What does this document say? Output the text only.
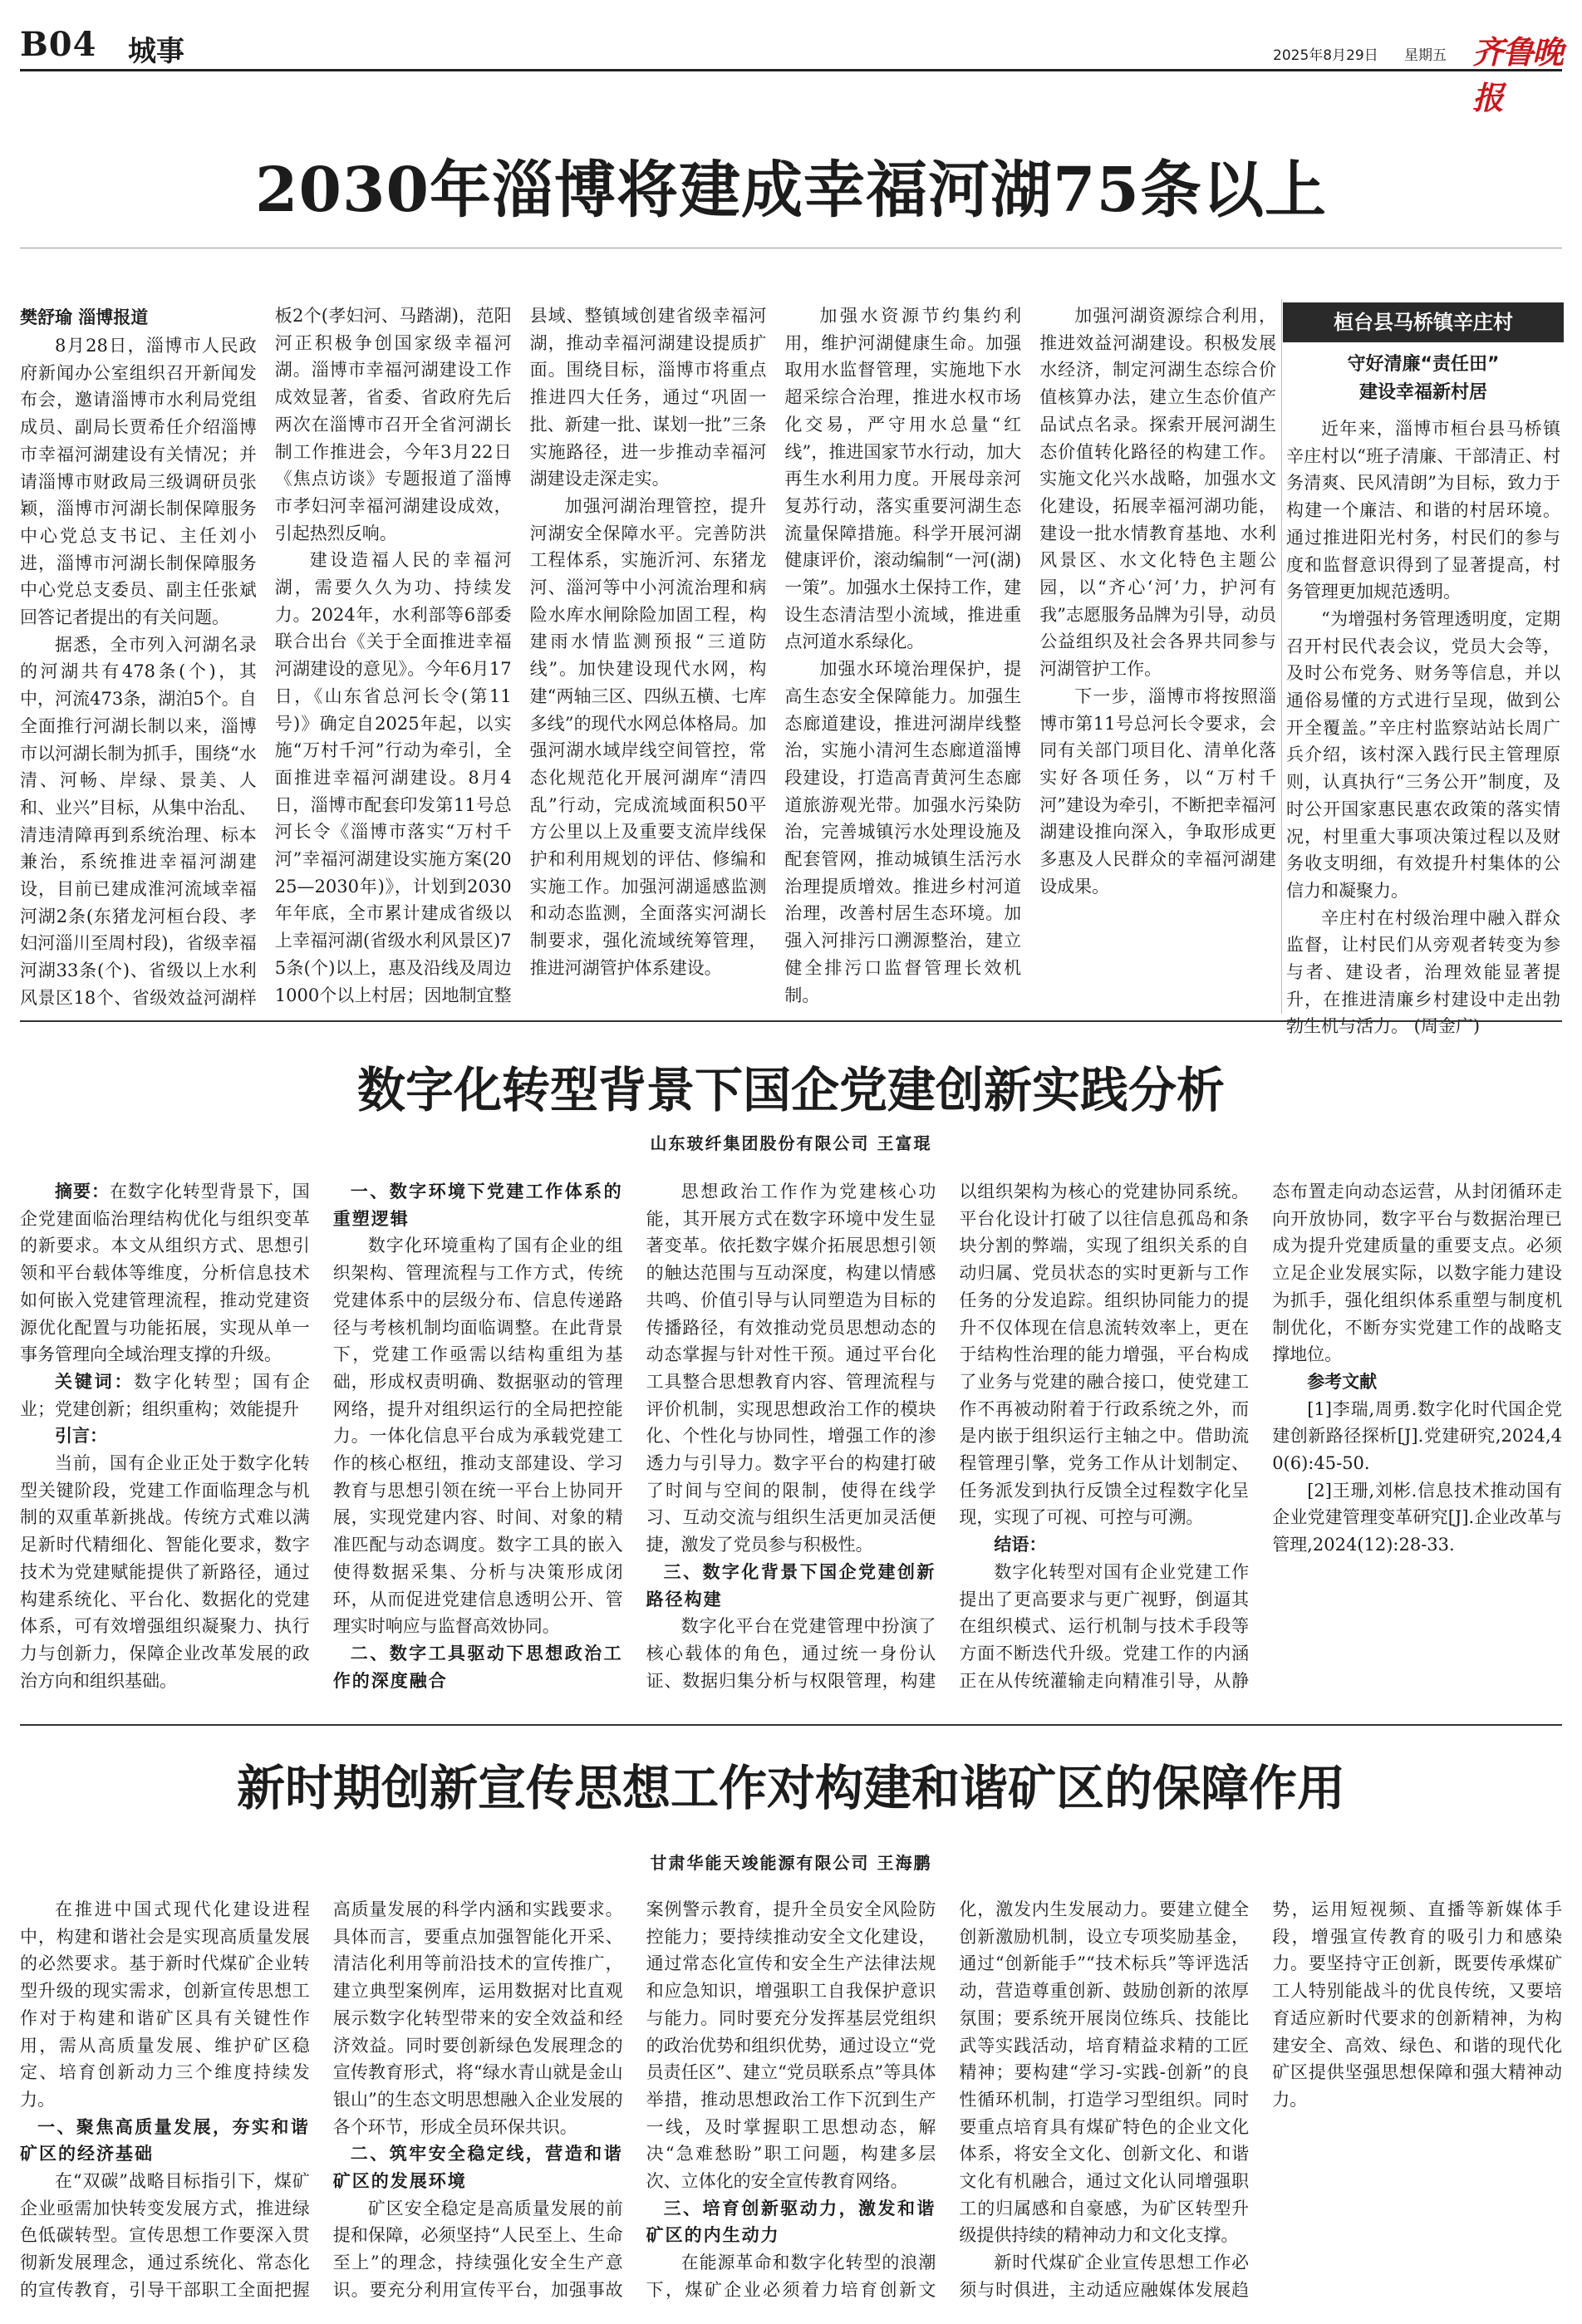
B04 城事	2025年8月29日 星期五 齐鲁晚报
2030年淄博将建成幸福河湖75条以上
樊舒瑜 淄博报道

8月28日，淄博市人民政府新闻办公室组织召开新闻发布会，邀请淄博市水利局党组成员、副局长贾希任介绍淄博市幸福河湖建设有关情况；并请淄博市财政局三级调研员张颖，淄博市河湖长制保障服务中心党总支书记、主任刘小进，淄博市河湖长制保障服务中心党总支委员、副主任张斌回答记者提出的有关问题。

据悉，全市列入河湖名录的河湖共有478条(个)，其中，河流473条，湖泊5个。自全面推行河湖长制以来，淄博市以河湖长制为抓手，围绕“水清、河畅、岸绿、景美、人和、业兴”目标，从集中治乱、清违清障再到系统治理、标本兼治，系统推进幸福河湖建设，目前已建成淮河流域幸福河湖2条(东猪龙河桓台段、孝妇河淄川至周村段)，省级幸福河湖33条(个)、省级以上水利风景区18个、省级效益河湖样板2个(孝妇河、马踏湖)，范阳河正积极争创国家级幸福河湖。淄博市幸福河湖建设工作成效显著，省委、省政府先后两次在淄博市召开全省河湖长制工作推进会，今年3月22日《焦点访谈》专题报道了淄博市孝妇河幸福河湖建设成效，引起热烈反响。

建设造福人民的幸福河湖，需要久久为功、持续发力。2024年，水利部等6部委联合出台《关于全面推进幸福河湖建设的意见》。今年6月17日，《山东省总河长令(第11号)》确定自2025年起，以实施“万村千河”行动为牵引，全面推进幸福河湖建设。8月4日，淄博市配套印发第11号总河长令《淄博市落实“万村千河”幸福河湖建设实施方案(2025—2030年)》，计划到2030年年底，全市累计建成省级以上幸福河湖(省级水利风景区)75条(个)以上，惠及沿线及周边1000个以上村居；因地制宜整县域、整镇域创建省级幸福河湖，推动幸福河湖建设提质扩面。围绕目标，淄博市将重点推进四大任务，通过“巩固一批、新建一批、谋划一批”三条实施路径，进一步推动幸福河湖建设走深走实。

加强河湖治理管控，提升河湖安全保障水平。完善防洪工程体系，实施沂河、东猪龙河、淄河等中小河流治理和病险水库水闸除险加固工程，构建雨水情监测预报“三道防线”。加快建设现代水网，构建“两轴三区、四纵五横、七库多线”的现代水网总体格局。加强河湖水域岸线空间管控，常态化规范化开展河湖库“清四乱”行动，完成流域面积50平方公里以上及重要支流岸线保护和利用规划的评估、修编和实施工作。加强河湖遥感监测和动态监测，全面落实河湖长制要求，强化流域统筹管理，推进河湖管护体系建设。

加强水资源节约集约利用，维护河湖健康生命。加强取用水监督管理，实施地下水超采综合治理，推进水权市场化交易，严守用水总量“红线”，推进国家节水行动，加大再生水利用力度。开展母亲河复苏行动，落实重要河湖生态流量保障措施。科学开展河湖健康评价，滚动编制“一河(湖)一策”。加强水土保持工作，建设生态清洁型小流域，推进重点河道水系绿化。

加强水环境治理保护，提高生态安全保障能力。加强生态廊道建设，推进河湖岸线整治，实施小清河生态廊道淄博段建设，打造高青黄河生态廊道旅游观光带。加强水污染防治，完善城镇污水处理设施及配套管网，推动城镇生活污水治理提质增效。推进乡村河道治理，改善村居生态环境。加强入河排污口溯源整治，建立健全排污口监督管理长效机制。

加强河湖资源综合利用，推进效益河湖建设。积极发展水经济，制定河湖生态综合价值核算办法，建立生态价值产品试点名录。探索开展河湖生态价值转化路径的构建工作。实施文化兴水战略，加强水文化建设，拓展幸福河湖功能，建设一批水情教育基地、水利风景区、水文化特色主题公园，以“齐心‘河’力，护河有我”志愿服务品牌为引导，动员公益组织及社会各界共同参与河湖管护工作。

下一步，淄博市将按照淄博市第11号总河长令要求，会同有关部门项目化、清单化落实好各项任务，以“万村千河”建设为牵引，不断把幸福河湖建设推向深入，争取形成更多惠及人民群众的幸福河湖建设成果。

桓台县马桥镇辛庄村
守好清廉“责任田”
建设幸福新村居

近年来，淄博市桓台县马桥镇辛庄村以“班子清廉、干部清正、村务清爽、民风清朗”为目标，致力于构建一个廉洁、和谐的村居环境。通过推进阳光村务，村民们的参与度和监督意识得到了显著提高，村务管理更加规范透明。

“为增强村务管理透明度，定期召开村民代表会议，党员大会等，及时公布党务、财务等信息，并以通俗易懂的方式进行呈现，做到公开全覆盖。”辛庄村监察站站长周广兵介绍，该村深入践行民主管理原则，认真执行“三务公开”制度，及时公开国家惠民惠农政策的落实情况，村里重大事项决策过程以及财务收支明细，有效提升村集体的公信力和凝聚力。

辛庄村在村级治理中融入群众监督，让村民们从旁观者转变为参与者、建设者，治理效能显著提升，在推进清廉乡村建设中走出勃勃生机与活力。 (周金广)

数字化转型背景下国企党建创新实践分析
山东玻纤集团股份有限公司 王富琨

摘要：在数字化转型背景下，国企党建面临治理结构优化与组织变革的新要求。本文从组织方式、思想引领和平台载体等维度，分析信息技术如何嵌入党建管理流程，推动党建资源优化配置与功能拓展，实现从单一事务管理向全域治理支撑的升级。

关键词：数字化转型；国有企业；党建创新；组织重构；效能提升

引言：

当前，国有企业正处于数字化转型关键阶段，党建工作面临理念与机制的双重革新挑战。传统方式难以满足新时代精细化、智能化要求，数字技术为党建赋能提供了新路径，通过构建系统化、平台化、数据化的党建体系，可有效增强组织凝聚力、执行力与创新力，保障企业改革发展的政治方向和组织基础。

一、数字环境下党建工作体系的重塑逻辑

数字化环境重构了国有企业的组织架构、管理流程与工作方式，传统党建体系中的层级分布、信息传递路径与考核机制均面临调整。在此背景下，党建工作亟需以结构重组为基础，形成权责明确、数据驱动的管理网络，提升对组织运行的全局把控能力。一体化信息平台成为承载党建工作的核心枢纽，推动支部建设、学习教育与思想引领在统一平台上协同开展，实现党建内容、时间、对象的精准匹配与动态调度。数字工具的嵌入使得数据采集、分析与决策形成闭环，从而促进党建信息透明公开、管理实时响应与监督高效协同。

二、数字工具驱动下思想政治工作的深度融合

思想政治工作作为党建核心功能，其开展方式在数字环境中发生显著变革。依托数字媒介拓展思想引领的触达范围与互动深度，构建以情感共鸣、价值引导与认同塑造为目标的传播路径，有效推动党员思想动态的动态掌握与针对性干预。通过平台化工具整合思想教育内容、管理流程与评价机制，实现思想政治工作的模块化、个性化与协同性，增强工作的渗透力与引导力。数字平台的构建打破了时间与空间的限制，使得在线学习、互动交流与组织生活更加灵活便捷，激发了党员参与积极性。

三、数字化背景下国企党建创新路径构建

数字化平台在党建管理中扮演了核心载体的角色，通过统一身份认证、数据归集分析与权限管理，构建以组织架构为核心的党建协同系统。平台化设计打破了以往信息孤岛和条块分割的弊端，实现了组织关系的自动归属、党员状态的实时更新与工作任务的分发追踪。组织协同能力的提升不仅体现在信息流转效率上，更在于结构性治理的能力增强，平台构成了业务与党建的融合接口，使党建工作不再被动附着于行政系统之外，而是内嵌于组织运行主轴之中。借助流程管理引擎，党务工作从计划制定、任务派发到执行反馈全过程数字化呈现，实现了可视、可控与可溯。

结语：

数字化转型对国有企业党建工作提出了更高要求与更广视野，倒逼其在组织模式、运行机制与技术手段等方面不断迭代升级。党建工作的内涵正在从传统灌输走向精准引导，从静态布置走向动态运营，从封闭循环走向开放协同，数字平台与数据治理已成为提升党建质量的重要支点。必须立足企业发展实际，以数字能力建设为抓手，强化组织体系重塑与制度机制优化，不断夯实党建工作的战略支撑地位。

参考文献

[1]李瑞,周勇.数字化时代国企党建创新路径探析[J].党建研究,2024,40(6):45-50.

[2]王珊,刘彬.信息技术推动国有企业党建管理变革研究[J].企业改革与管理,2024(12):28-33.

新时期创新宣传思想工作对构建和谐矿区的保障作用
甘肃华能天竣能源有限公司 王海鹏

在推进中国式现代化建设进程中，构建和谐社会是实现高质量发展的必然要求。基于新时代煤矿企业转型升级的现实需求，创新宣传思想工作对于构建和谐矿区具有关键性作用，需从高质量发展、维护矿区稳定、培育创新动力三个维度持续发力。

一、聚焦高质量发展，夯实和谐矿区的经济基础

在“双碳”战略目标指引下，煤矿企业亟需加快转变发展方式，推进绿色低碳转型。宣传思想工作要深入贯彻新发展理念，通过系统化、常态化的宣传教育，引导干部职工全面把握高质量发展的科学内涵和实践要求。具体而言，要重点加强智能化开采、清洁化利用等前沿技术的宣传推广，建立典型案例库，运用数据对比直观展示数字化转型带来的安全效益和经济效益。同时要创新绿色发展理念的宣传教育形式，将“绿水青山就是金山银山”的生态文明思想融入企业发展的各个环节，形成全员环保共识。

二、筑牢安全稳定线，营造和谐矿区的发展环境

矿区安全稳定是高质量发展的前提和保障，必须坚持“人民至上、生命至上”的理念，持续强化安全生产意识。要充分利用宣传平台，加强事故案例警示教育，提升全员安全风险防控能力；要持续推动安全文化建设，通过常态化宣传和安全生产法律法规和应急知识，增强职工自我保护意识与能力。同时要充分发挥基层党组织的政治优势和组织优势，通过设立“党员责任区”、建立“党员联系点”等具体举措，推动思想政治工作下沉到生产一线，及时掌握职工思想动态，解决“急难愁盼”职工问题，构建多层次、立体化的安全宣传教育网络。

三、培育创新驱动力，激发和谐矿区的内生动力

在能源革命和数字化转型的浪潮下，煤矿企业必须着力培育创新文化，激发内生发展动力。要建立健全创新激励机制，设立专项奖励基金，通过“创新能手”“技术标兵”等评选活动，营造尊重创新、鼓励创新的浓厚氛围；要系统开展岗位练兵、技能比武等实践活动，培育精益求精的工匠精神；要构建“学习-实践-创新”的良性循环机制，打造学习型组织。同时要重点培育具有煤矿特色的企业文化体系，将安全文化、创新文化、和谐文化有机融合，通过文化认同增强职工的归属感和自豪感，为矿区转型升级提供持续的精神动力和文化支撑。

新时代煤矿企业宣传思想工作必须与时俱进，主动适应融媒体发展趋势，运用短视频、直播等新媒体手段，增强宣传教育的吸引力和感染力。要坚持守正创新，既要传承煤矿工人特别能战斗的优良传统，又要培育适应新时代要求的创新精神，为构建安全、高效、绿色、和谐的现代化矿区提供坚强思想保障和强大精神动力。
